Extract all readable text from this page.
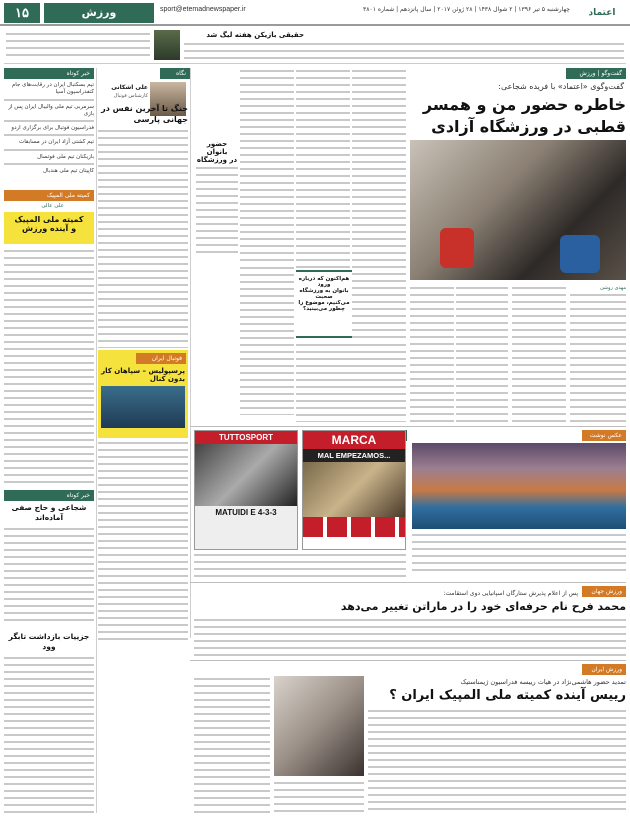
۱۵	ورزش	sport@etemadnewspaper.ir	چهارشنبه ۵ تیر ۱۳۹۶ | ۲ شوال ۱۴۳۸ | ۲۸ ژوئن ۲۰۱۷ | سال پانزدهم | شماره ۳۸۰۱	اعتماد
حقیقی بازیکن هفته لیگ شد
گفت‌وگو | ورزش
گفت‌وگوی «اعتماد» با فریده شجاعی:
خاطره حضور من و همسر
قطبی در ورزشگاه آزادی
مهدی روشن
هم‌اکنون که درباره ورود
بانوان به ورزشگاه صحبت
می‌کنیم، موضوع را
چطور می‌بینید؟
حضور بانوان
در ورزشگاه
نگاه
علی اشکانی
کارشناس فوتبال
جنگ تا آخرین نفس در
جهانی پارسی
فوتبال ایران
پرسپولیس – سپاهان کار
بدون کنال
خبر کوتاه
تیم بسکتبال ایران در رقابت‌های جام کنفدراسیون آسیا
سرمربی تیم ملی والیبال ایران پس از بازی
فدراسیون فوتبال برای برگزاری اردو
تیم کشتی آزاد ایران در مسابقات
بازیکنان تیم ملی فوتسال
کاپیتان تیم ملی هندبال
کمیته ملی المپیک
علی عالی
کمیته ملی المپیک
و آینده ورزش
خبر کوتاه
شجاعی و حاج صفی
آماده‌اند
جزییات بازداشت تابگر
وود
TUTTOSPORT
MATUIDI E 4-3-3
MARCA
MAL EMPEZAMOS...
عکس نوشت
ورزش جهان
پس از اعلام پذیرش ستارگان اسپانیایی دوی استقامت:
محمد فرح نام حرفه‌ای خود را در ماراتن تغییر می‌دهد
ورزش ایران
تمدید حضور هاشمی‌نژاد در هیات رییسه فدراسیون ژیمناستیک
رییس آینده کمیته ملی المپیک ایران ؟
